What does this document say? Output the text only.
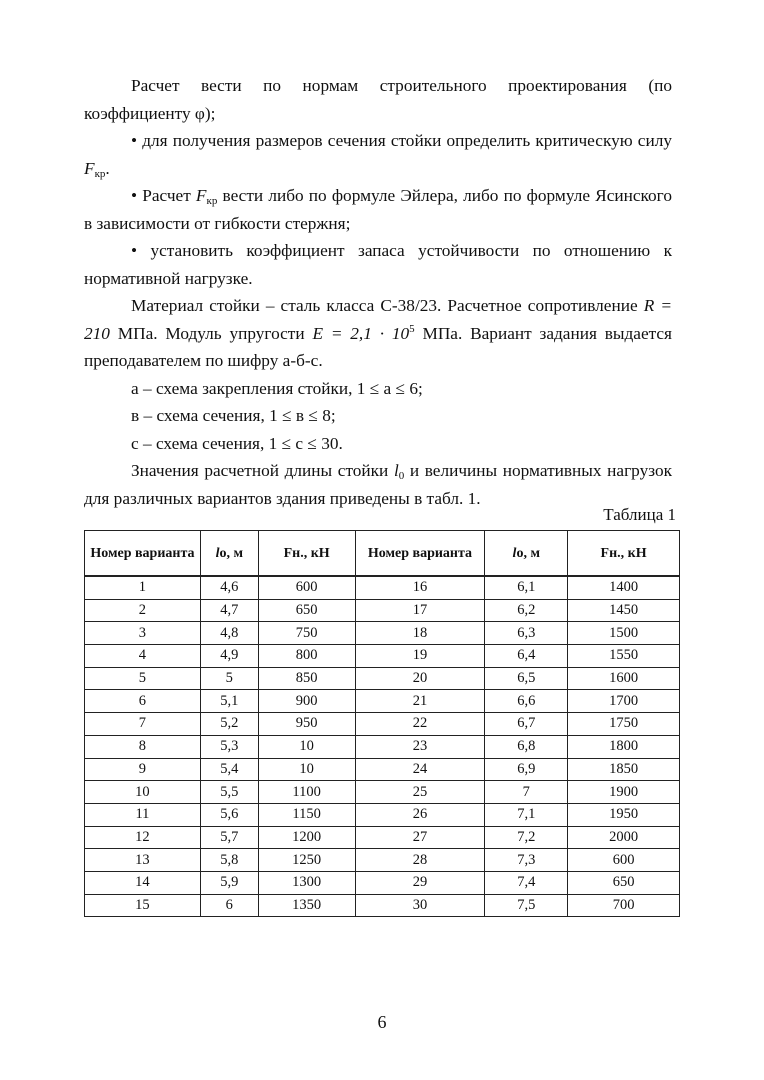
Расчет вести по нормам строительного проектирования (по коэффициенту φ);
• для получения размеров сечения стойки определить критическую силу $F_{кр}$.
• Расчет $F_{кр}$ вести либо по формуле Эйлера, либо по формуле Ясинского в зависимости от гибкости стержня;
• установить коэффициент запаса устойчивости по отношению к нормативной нагрузке.
Материал стойки – сталь класса С-38/23. Расчетное сопротивление R = 210 МПа. Модуль упругости $E = 2,1 \cdot 10^5$ МПа. Вариант задания выдается преподавателем по шифру а-б-с.
а – схема закрепления стойки, 1 ≤ а ≤ 6;
в – схема сечения, 1 ≤ в ≤ 8;
с – схема сечения, 1 ≤ с ≤ 30.
Значения расчетной длины стойки $l_0$ и величины нормативных нагрузок для различных вариантов здания приведены в табл. 1.
Таблица 1
Номер варианта	lо, м	Fн., кН	Номер варианта	lо, м	Fн., кН
1	4,6	600	16	6,1	1400
2	4,7	650	17	6,2	1450
3	4,8	750	18	6,3	1500
4	4,9	800	19	6,4	1550
5	5	850	20	6,5	1600
6	5,1	900	21	6,6	1700
7	5,2	950	22	6,7	1750
8	5,3	10	23	6,8	1800
9	5,4	10	24	6,9	1850
10	5,5	1100	25	7	1900
11	5,6	1150	26	7,1	1950
12	5,7	1200	27	7,2	2000
13	5,8	1250	28	7,3	600
14	5,9	1300	29	7,4	650
15	6	1350	30	7,5	700
6
